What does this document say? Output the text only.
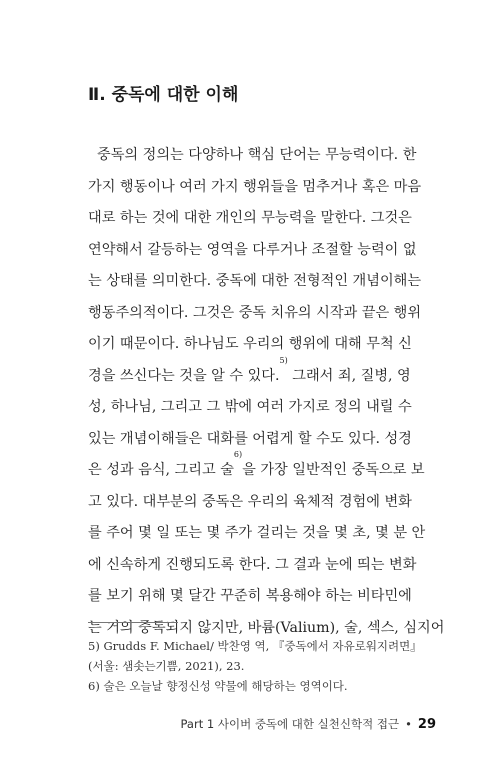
Ⅱ. 중독에 대한 이해
중독의 정의는 다양하나 핵심 단어는 무능력이다. 한
가지 행동이나 여러 가지 행위들을 멈추거나 혹은 마음
대로 하는 것에 대한 개인의 무능력을 말한다. 그것은
연약해서 갈등하는 영역을 다루거나 조절할 능력이 없
는 상태를 의미한다. 중독에 대한 전형적인 개념이해는
행동주의적이다. 그것은 중독 치유의 시작과 끝은 행위
이기 때문이다. 하나님도 우리의 행위에 대해 무척 신
경을 쓰신다는 것을 알 수 있다.
5)
그래서 죄, 질병, 영
성, 하나님, 그리고 그 밖에 여러 가지로 정의 내릴 수
있는 개념이해들은 대화를 어렵게 할 수도 있다. 성경
은 성과 음식, 그리고 술
6)
을 가장 일반적인 중독으로 보
고 있다. 대부분의 중독은 우리의 육체적 경험에 변화
를 주어 몇 일 또는 몇 주가 걸리는 것을 몇 초, 몇 분 안
에 신속하게 진행되도록 한다. 그 결과 눈에 띄는 변화
를 보기 위해 몇 달간 꾸준히 복용해야 하는 비타민에
는 거의 중독되지 않지만, 바륨(Valium), 술, 섹스, 심지어
5) Grudds F. Michael/ 박찬영 역, 『중독에서 자유로워지려면』 (서울: 샘솟는기쁨, 2021), 23.
6) 술은 오늘날 향정신성 약물에 해당하는 영역이다.
Part 1 사이버 중독에 대한 실천신학적 접근 • 29
